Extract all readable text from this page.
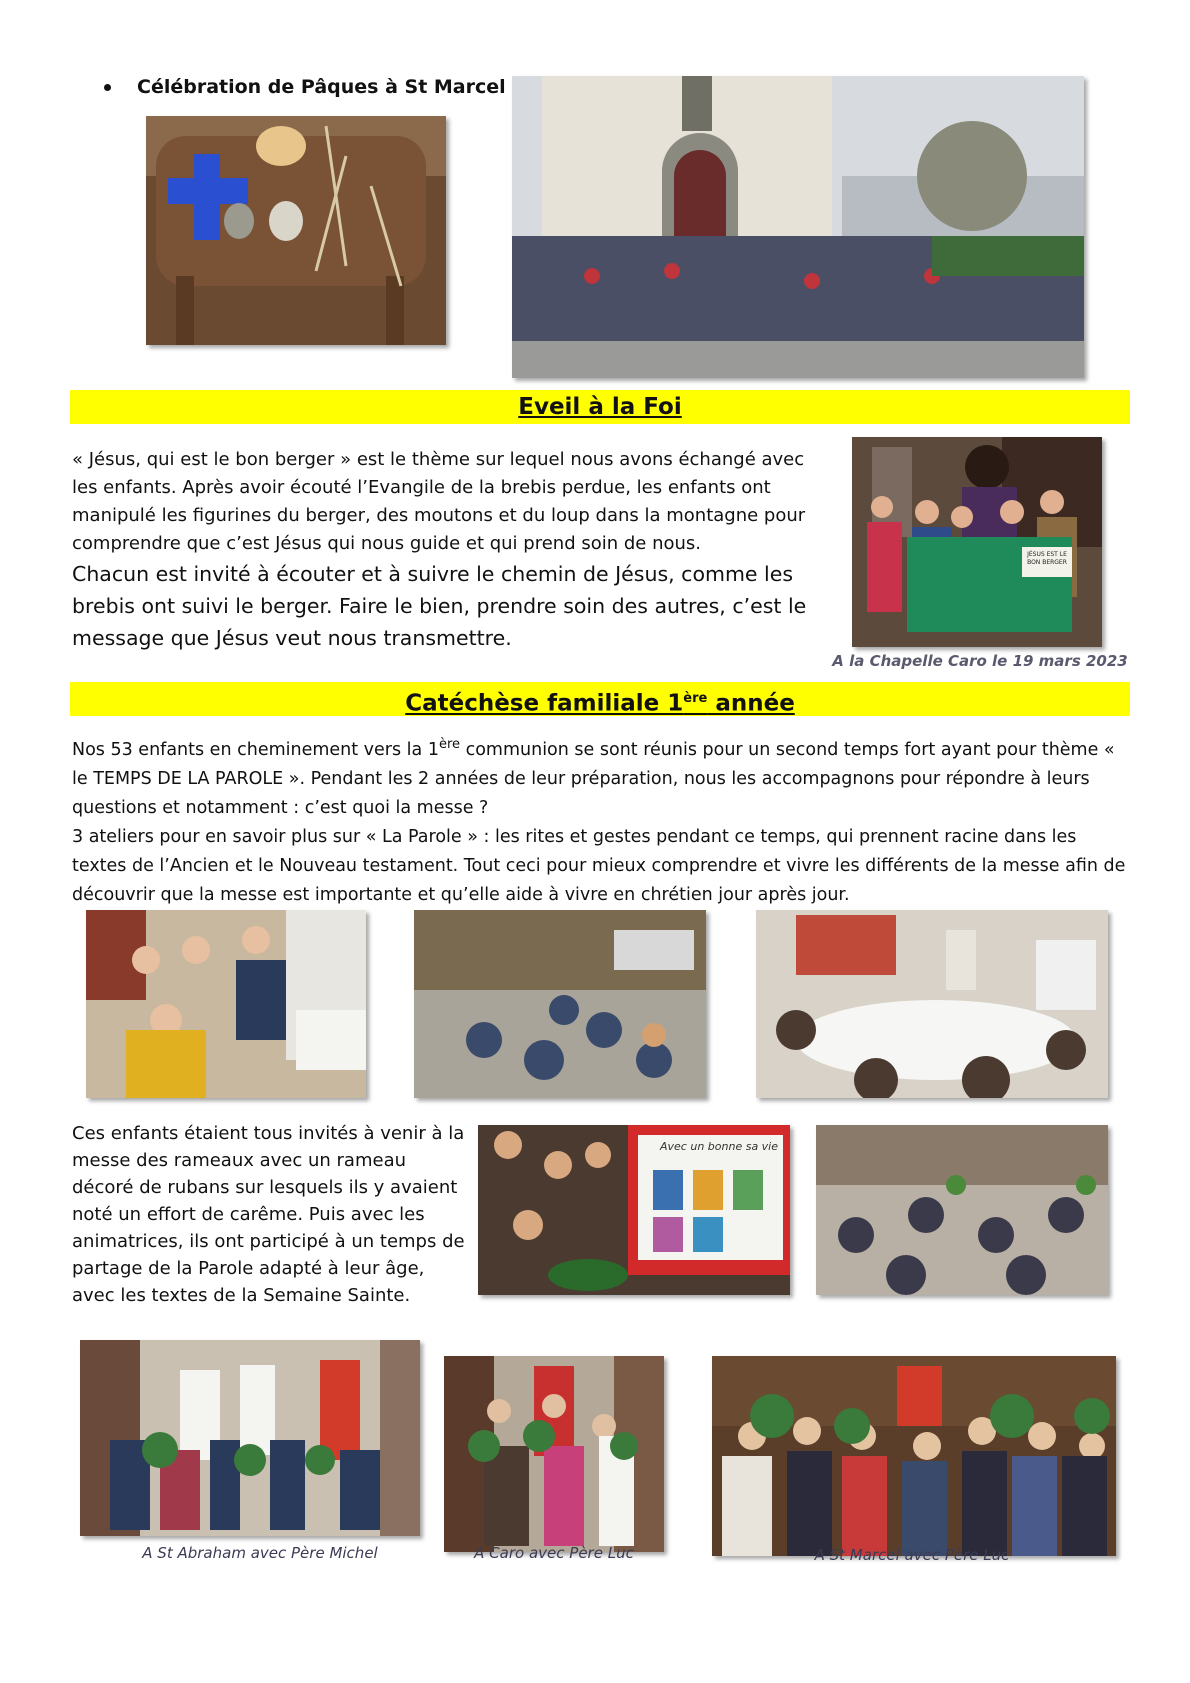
Célébration de Pâques à St Marcel
Eveil à la Foi

« Jésus, qui est le bon berger » est le thème sur lequel nous avons échangé avec les enfants. Après avoir écouté l’Evangile de la brebis perdue, les enfants ont manipulé les figurines du berger, des moutons et du loup dans la montagne pour comprendre que c’est Jésus qui nous guide et qui prend soin de nous.

Chacun est invité à écouter et à suivre le chemin de Jésus, comme les brebis ont suivi le berger. Faire le bien, prendre soin des autres, c’est le message que Jésus veut nous transmettre.

JÉSUS EST LE BON BERGER
A la Chapelle Caro le 19 mars 2023
Catéchèse familiale 1ère année

Nos 53 enfants en cheminement vers la 1ère communion se sont réunis pour un second temps fort ayant pour thème « le TEMPS DE LA PAROLE ». Pendant les 2 années de leur préparation, nous les accompagnons pour répondre à leurs questions et notamment : c’est quoi la messe ?

3 ateliers pour en savoir plus sur « La Parole » : les rites et gestes pendant ce temps, qui prennent racine dans les textes de l’Ancien et le Nouveau testament. Tout ceci pour mieux comprendre et vivre les différents de la messe afin de découvrir que la messe est importante et qu’elle aide à vivre en chrétien jour après jour.

Ces enfants étaient tous invités à venir à la messe des rameaux avec un rameau décoré de rubans sur lesquels ils y avaient noté un effort de carême. Puis avec les animatrices, ils ont participé à un temps de partage de la Parole adapté à leur âge, avec les textes de la Semaine Sainte.
Avec un bonne sa vie
A St Abraham avec Père Michel	A Caro avec Père Luc	A St Marcel avec Père Luc
